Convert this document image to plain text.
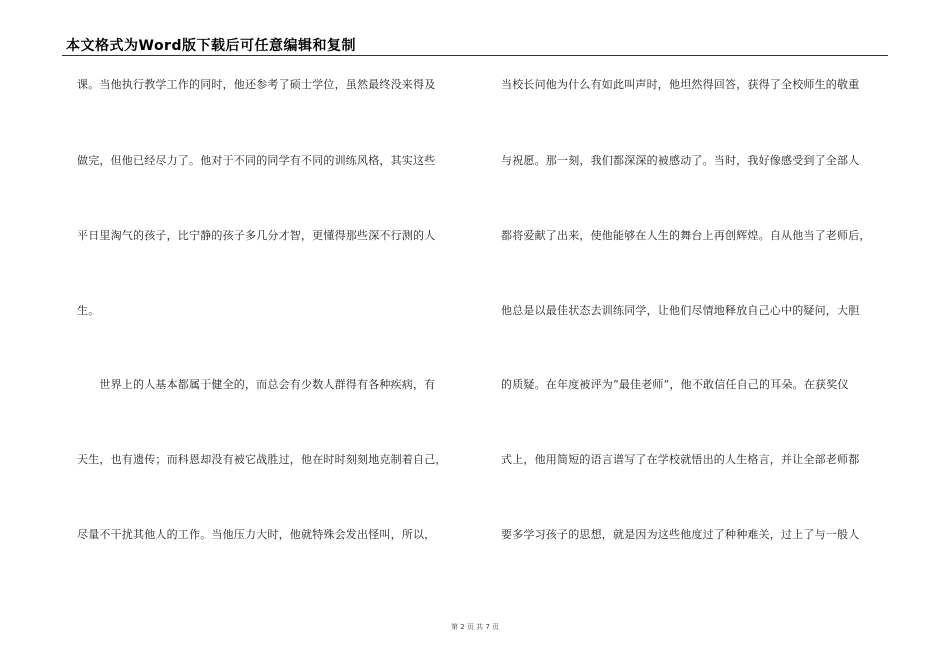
本文格式为Word版下载后可任意编辑和复制
课。当他执行教学工作的同时，他还参考了硕士学位，虽然最终没来得及
做完，但他已经尽力了。他对于不同的同学有不同的训练风格，其实这些
平日里淘气的孩子，比宁静的孩子多几分才智，更懂得那些深不行测的人
生。
　　世界上的人基本都属于健全的，而总会有少数人群得有各种疾病，有
天生，也有遗传；而科恩却没有被它战胜过，他在时时刻刻地克制着自己，
尽量不干扰其他人的工作。当他压力大时，他就特殊会发出怪叫，所以，
当校长问他为什么有如此叫声时，他坦然得回答，获得了全校师生的敬重
与祝愿。那一刻，我们都深深的被感动了。当时，我好像感受到了全部人
都将爱献了出来，使他能够在人生的舞台上再创辉煌。自从他当了老师后，
他总是以最佳状态去训练同学，让他们尽情地释放自己心中的疑问，大胆
的质疑。在年度被评为“最佳老师”，他不敢信任自己的耳朵。在获奖仪
式上，他用简短的语言谱写了在学校就悟出的人生格言，并让全部老师都
要多学习孩子的思想，就是因为这些他度过了种种难关，过上了与一般人
第 2 页 共 7 页
